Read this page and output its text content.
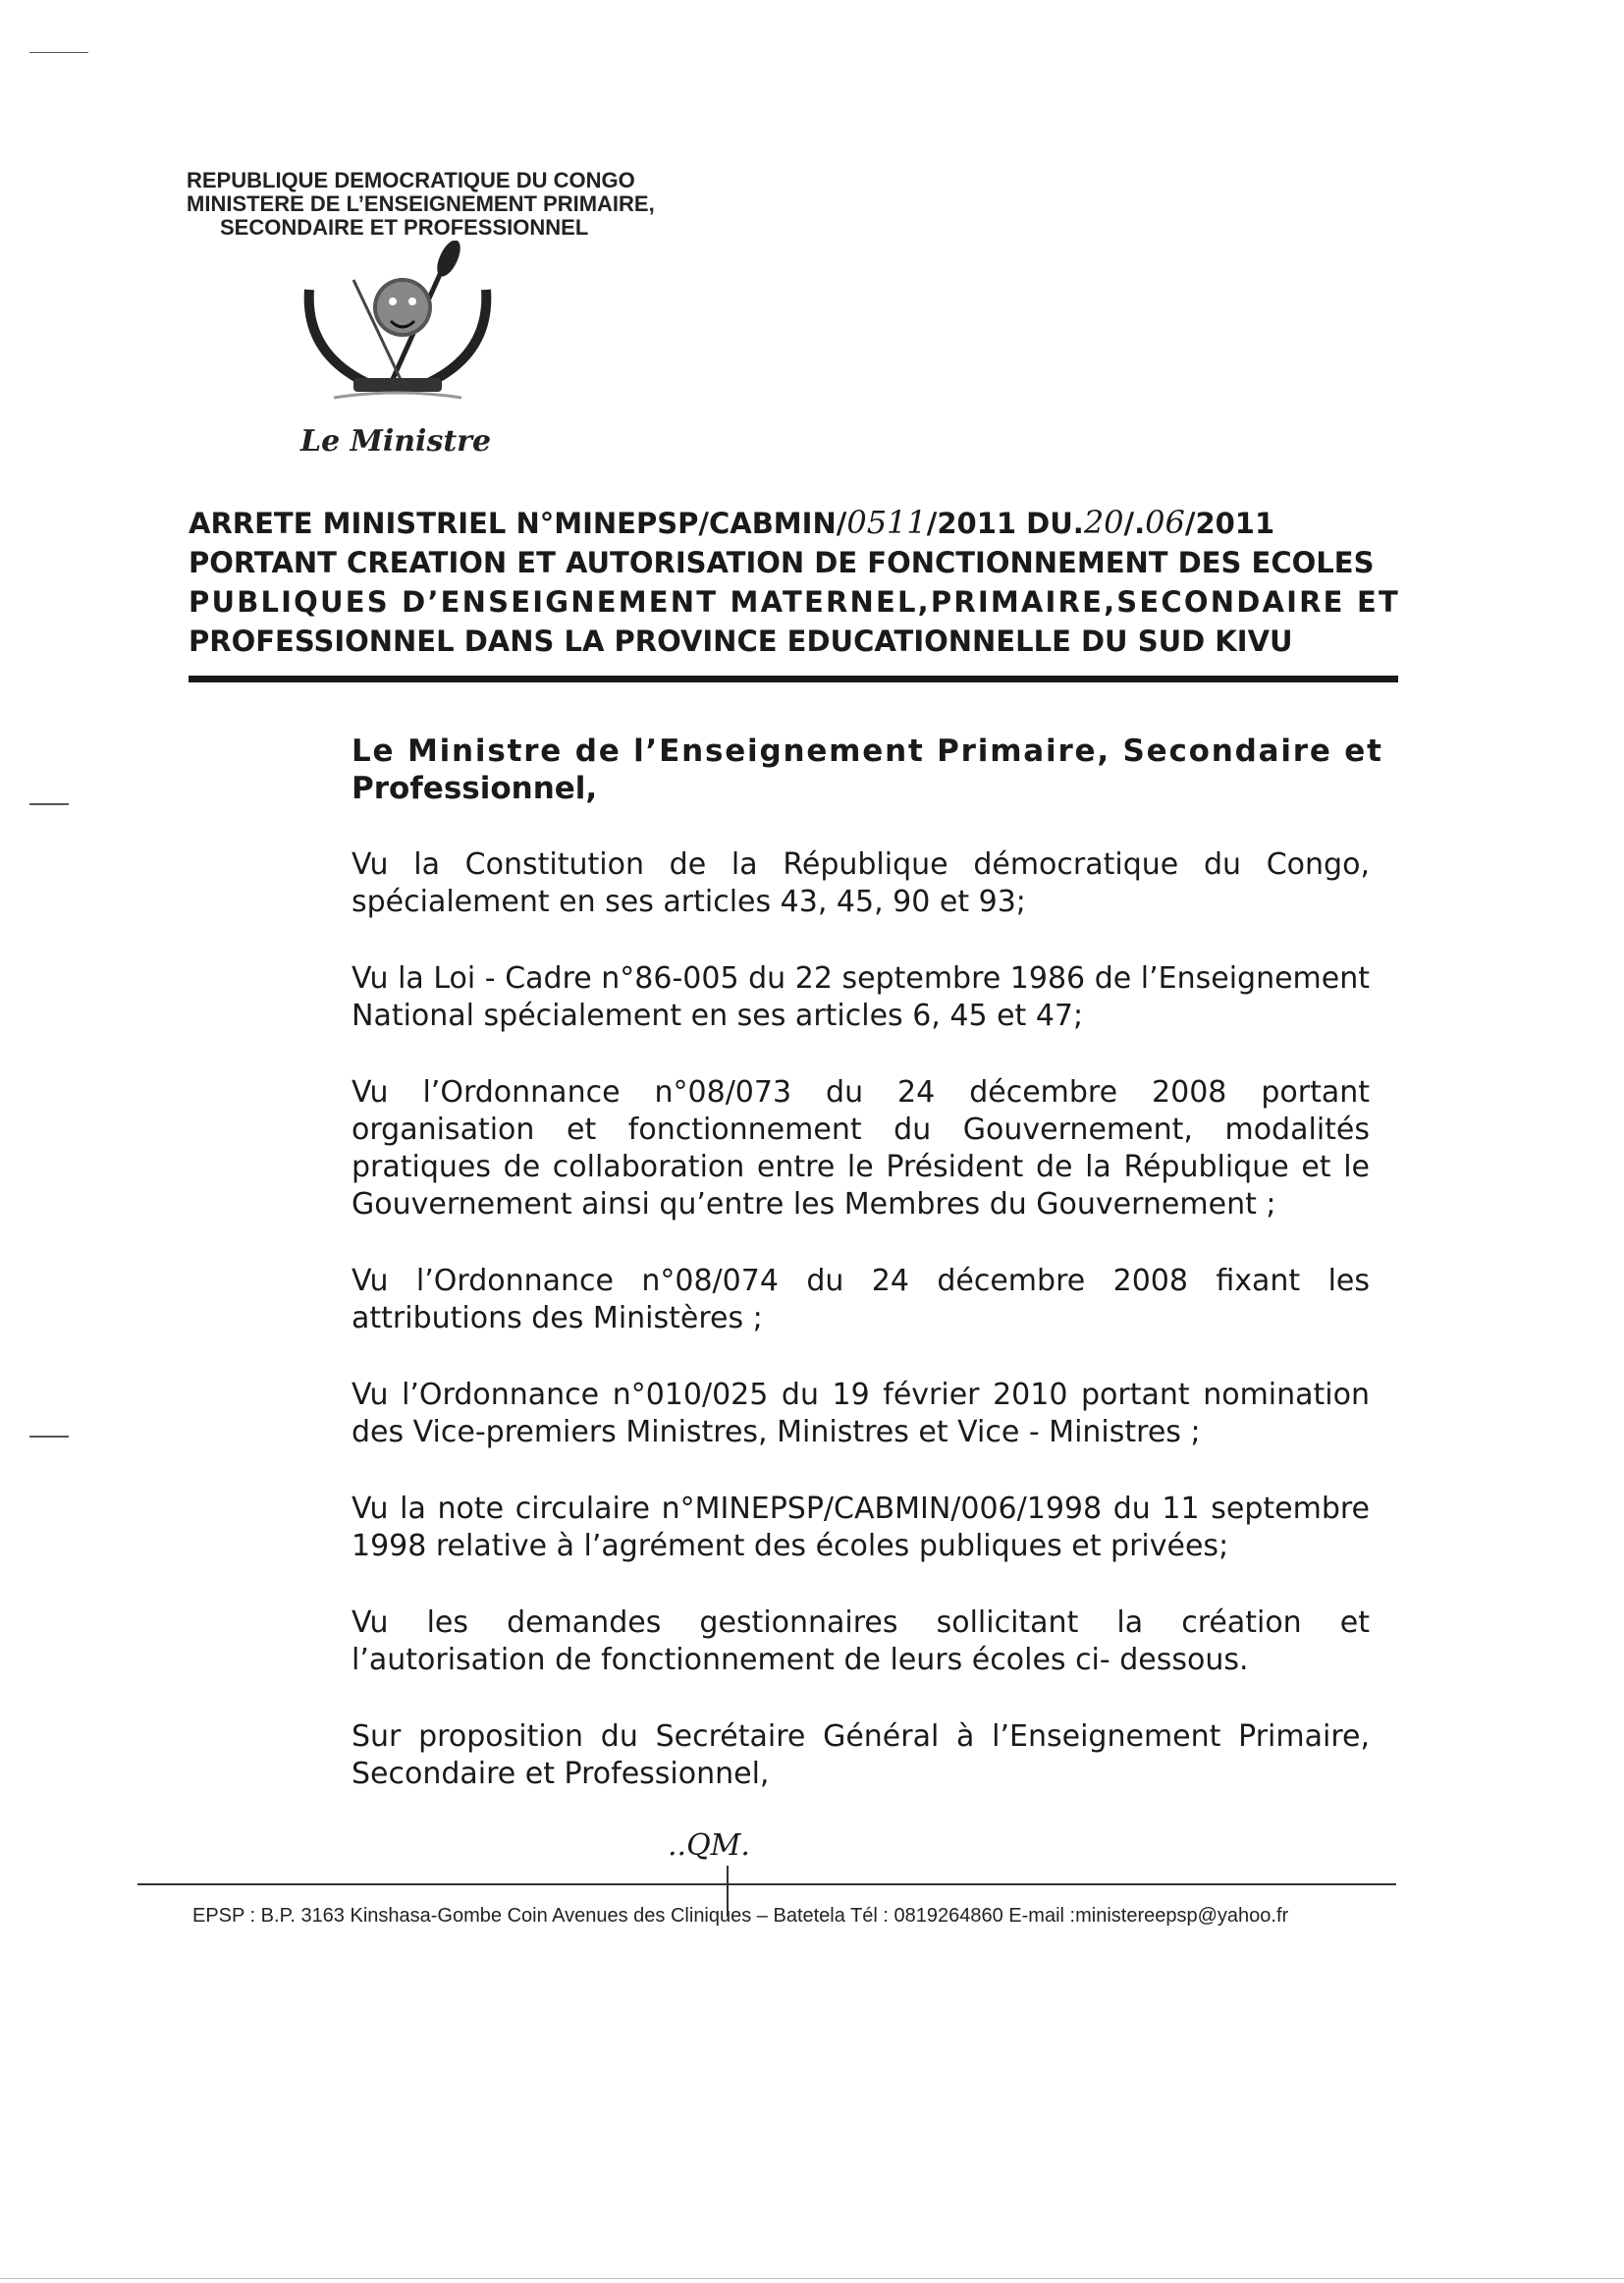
REPUBLIQUE DEMOCRATIQUE DU CONGO
MINISTERE DE L’ENSEIGNEMENT PRIMAIRE,
SECONDAIRE ET PROFESSIONNEL
Le Ministre
ARRETE MINISTRIEL N°MINEPSP/CABMIN/0511/2011 DU.20/.06/2011
PORTANT CREATION ET AUTORISATION DE FONCTIONNEMENT DES ECOLES
PUBLIQUES D’ENSEIGNEMENT MATERNEL,PRIMAIRE,SECONDAIRE ET
PROFESSIONNEL DANS LA PROVINCE EDUCATIONNELLE DU SUD KIVU
Le Ministre de l’Enseignement Primaire, Secondaire et
Professionnel,
Vu la Constitution de la République démocratique du Congo, spécialement en ses articles 43, 45, 90 et 93;
Vu la Loi - Cadre n°86-005 du 22 septembre 1986 de l’Enseignement National spécialement en ses articles 6, 45 et 47;
Vu l’Ordonnance n°08/073 du 24 décembre 2008 portant organisation et fonctionnement du Gouvernement, modalités pratiques de collaboration entre le Président de la République et le Gouvernement ainsi qu’entre les Membres du Gouvernement ;
Vu l’Ordonnance n°08/074 du 24 décembre 2008 fixant les attributions des Ministères ;
Vu l’Ordonnance n°010/025 du 19 février 2010 portant nomination des Vice-premiers Ministres, Ministres et Vice - Ministres ;
Vu la note circulaire n°MINEPSP/CABMIN/006/1998 du 11 septembre 1998 relative à l’agrément des écoles publiques et privées;
Vu les demandes gestionnaires sollicitant la création et l’autorisation de fonctionnement de leurs écoles ci- dessous.
Sur proposition du Secrétaire Général à l’Enseignement Primaire, Secondaire et Professionnel,
..QM.
EPSP : B.P. 3163 Kinshasa-Gombe Coin Avenues des Cliniques – Batetela Tél : 0819264860 E-mail :ministereepsp@yahoo.fr
